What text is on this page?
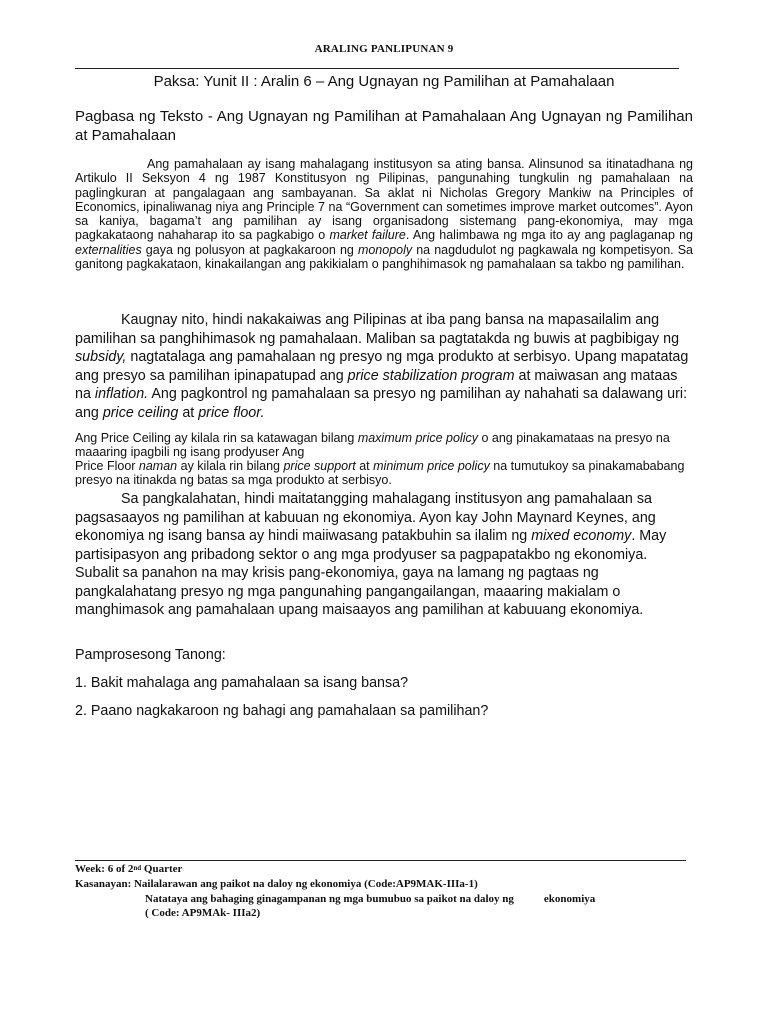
ARALING PANLIPUNAN 9
Paksa: Yunit II : Aralin 6 – Ang Ugnayan ng Pamilihan at Pamahalaan
Pagbasa ng Teksto - Ang Ugnayan ng Pamilihan at Pamahalaan Ang Ugnayan ng Pamilihan at Pamahalaan
Ang pamahalaan ay isang mahalagang institusyon sa ating bansa. Alinsunod sa itinatadhana ng Artikulo II Seksyon 4 ng 1987 Konstitusyon ng Pilipinas, pangunahing tungkulin ng pamahalaan na paglingkuran at pangalagaan ang sambayanan. Sa aklat ni Nicholas Gregory Mankiw na Principles of Economics, ipinaliwanag niya ang Principle 7 na “Government can sometimes improve market outcomes”. Ayon sa kaniya, bagama’t ang pamilihan ay isang organisadong sistemang pang-ekonomiya, may mga pagkakataong nahaharap ito sa pagkabigo o market failure. Ang halimbawa ng mga ito ay ang paglaganap ng externalities gaya ng polusyon at pagkakaroon ng monopoly na nagdudulot ng pagkawala ng kompetisyon. Sa ganitong pagkakataon, kinakailangan ang pakikialam o panghihimasok ng pamahalaan sa takbo ng pamilihan.
Kaugnay nito, hindi nakakaiwas ang Pilipinas at iba pang bansa na mapasailalim ang pamilihan sa panghihimasok ng pamahalaan. Maliban sa pagtatakda ng buwis at pagbibigay ng subsidy, nagtatalaga ang pamahalaan ng presyo ng mga produkto at serbisyo. Upang mapatatag ang presyo sa pamilihan ipinapatupad ang price stabilization program at maiwasan ang mataas na inflation. Ang pagkontrol ng pamahalaan sa presyo ng pamilihan ay nahahati sa dalawang uri: ang price ceiling at price floor.
Ang Price Ceiling ay kilala rin sa katawagan bilang maximum price policy o ang pinakamataas na presyo na maaaring ipagbili ng isang prodyuser Ang
Price Floor naman ay kilala rin bilang price support at minimum price policy na tumutukoy sa pinakamababang presyo na itinakda ng batas sa mga produkto at serbisyo.
Sa pangkalahatan, hindi maitatangging mahalagang institusyon ang pamahalaan sa pagsasaayos ng pamilihan at kabuuan ng ekonomiya. Ayon kay John Maynard Keynes, ang ekonomiya ng isang bansa ay hindi maiiwasang patakbuhin sa ilalim ng mixed economy. May partisipasyon ang pribadong sektor o ang mga prodyuser sa pagpapatakbo ng ekonomiya. Subalit sa panahon na may krisis pang-ekonomiya, gaya na lamang ng pagtaas ng pangkalahatang presyo ng mga pangunahing pangangailangan, maaaring makialam o manghimasok ang pamahalaan upang maisaayos ang pamilihan at kabuuang ekonomiya.
Pamprosesong Tanong:
1. Bakit mahalaga ang pamahalaan sa isang bansa?
2. Paano nagkakaroon ng bahagi ang pamahalaan sa pamilihan?
Week: 6 of 2nd Quarter
Kasanayan: Nailalarawan ang paikot na daloy ng ekonomiya (Code:AP9MAK-IIIa-1)
Natataya ang bahaging ginagampanan ng mga bumubuo sa paikot na daloy ng	ekonomiya
( Code: AP9MAk- IIIa2)
